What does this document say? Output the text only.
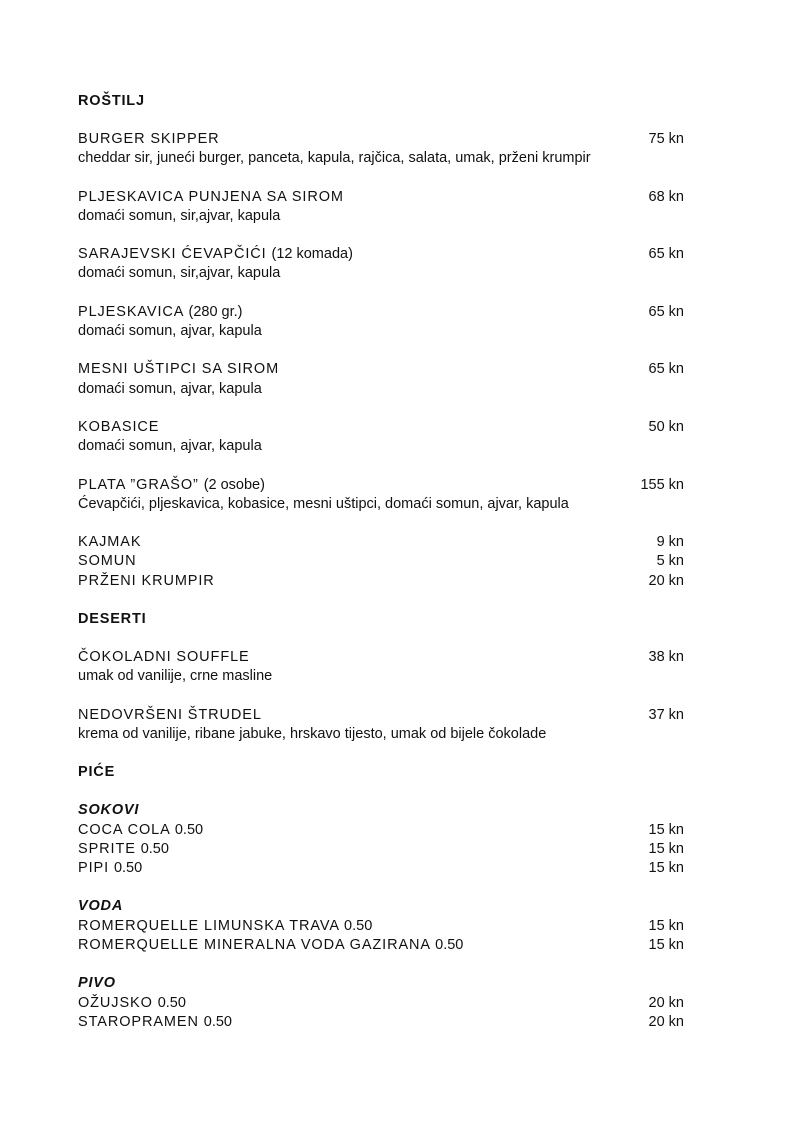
ROŠTILJ
BURGER SKIPPER	75 kn
cheddar sir, juneći burger, panceta, kapula, rajčica, salata, umak, prženi krumpir
PLJESKAVICA PUNJENA SA SIROM	68 kn
domaći somun, sir,ajvar, kapula
SARAJEVSKI ĆEVAPČIĆI (12 komada)	65 kn
domaći somun, sir,ajvar, kapula
PLJESKAVICA (280 gr.)	65 kn
domaći somun, ajvar, kapula
MESNI UŠTIPCI SA SIROM	65 kn
domaći somun, ajvar, kapula
KOBASICE	50 kn
domaći somun, ajvar, kapula
PLATA ”GRAŠO” (2 osobe)	155 kn
Ćevapčići, pljeskavica, kobasice, mesni uštipci, domaći somun, ajvar, kapula
KAJMAK	9 kn
SOMUN	5 kn
PRŽENI KRUMPIR	20 kn
DESERTI
ČOKOLADNI SOUFFLE	38 kn
umak od vanilije, crne masline
NEDOVRŠENI ŠTRUDEL	37 kn
krema od vanilije, ribane jabuke, hrskavo tijesto, umak od bijele čokolade
PIĆE
SOKOVI
COCA COLA 0.50	15 kn
SPRITE 0.50	15 kn
PIPI 0.50	15 kn
VODA
ROMERQUELLE LIMUNSKA TRAVA 0.50	15 kn
ROMERQUELLE MINERALNA VODA GAZIRANA 0.50	15 kn
PIVO
OŽUJSKO 0.50	20 kn
STAROPRAMEN 0.50	20 kn
